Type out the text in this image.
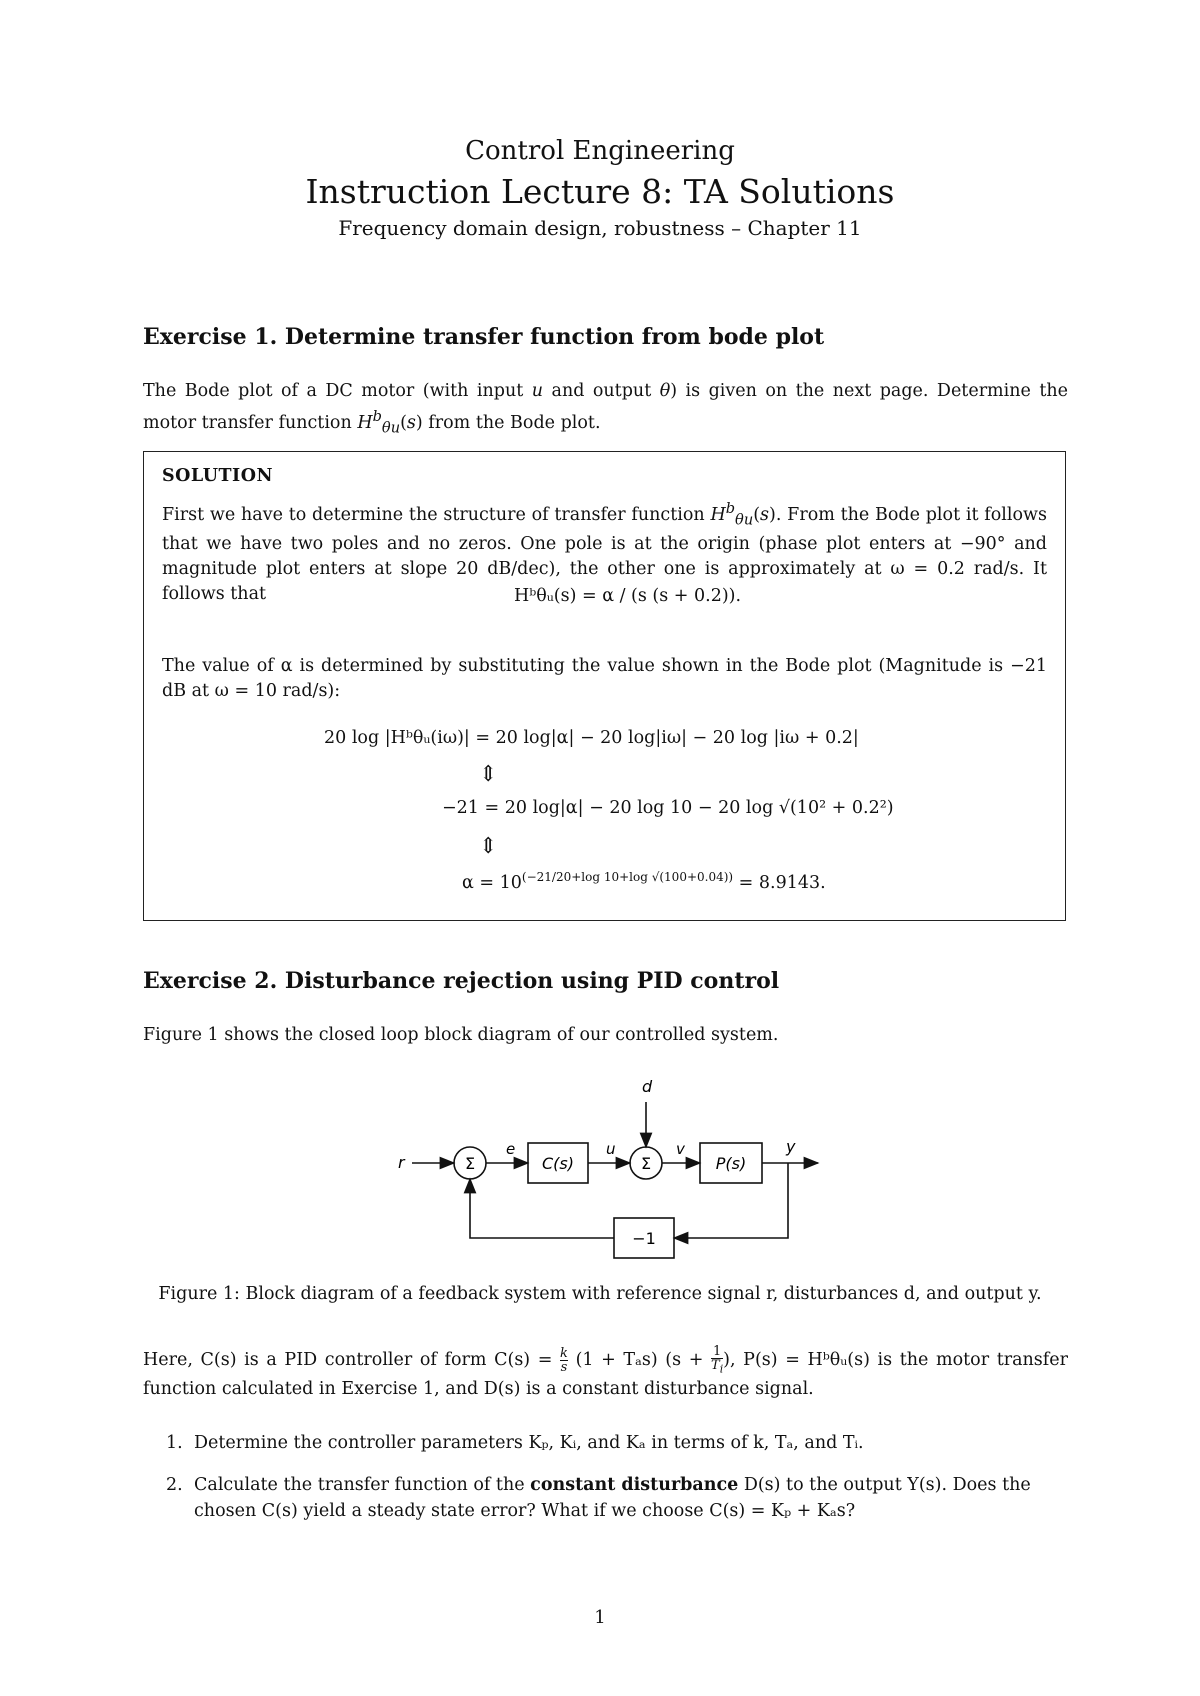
Control Engineering
Instruction Lecture 8: TA Solutions
Frequency domain design, robustness – Chapter 11
Exercise 1. Determine transfer function from bode plot
The Bode plot of a DC motor (with input u and output θ) is given on the next page. Determine the motor transfer function $H^b_{\theta u}(s)$ from the Bode plot.
SOLUTION
First we have to determine the structure of transfer function $H^b_{\theta u}(s)$. From the Bode plot it follows that we have two poles and no zeros. One pole is at the origin (phase plot enters at −90° and magnitude plot enters at slope 20 dB/dec), the other one is approximately at ω = 0.2 rad/s. It follows that	Hᵇθᵤ(s) = α / (s (s + 0.2)).
The value of α is determined by substituting the value shown in the Bode plot (Magnitude is −21 dB at ω = 10 rad/s):
20 log |Hᵇθᵤ(iω)| = 20 log|α| − 20 log|iω| − 20 log |iω + 0.2|
⇕
−21 = 20 log|α| − 20 log 10 − 20 log √(10² + 0.2²)
⇕
$\alpha = 10^{(-21/20+log 10+log √(100+0.04))} = 8.9143$.
Exercise 2. Disturbance rejection using PID control
Figure 1 shows the closed loop block diagram of our controlled system.
r	Σ
e
C(s)
u
d
Σ
v
P(s)
y
−1
Figure 1: Block diagram of a feedback system with reference signal r, disturbances d, and output y.
Here, C(s) is a PID controller of form $C(s) = \frac{k}{s} (1 + T_as) (s + \frac{1}{T_i}$ ), P(s) = Hᵇθᵤ(s) is the motor transfer function calculated in Exercise 1, and D(s) is a constant disturbance signal.
1. Determine the controller parameters Kₚ, Kᵢ, and Kₐ in terms of k, Tₐ, and Tᵢ.
2. Calculate the transfer function of the constant disturbance D(s) to the output Y(s). Does the chosen C(s) yield a steady state error? What if we choose C(s) = Kₚ + Kₐs?
1
